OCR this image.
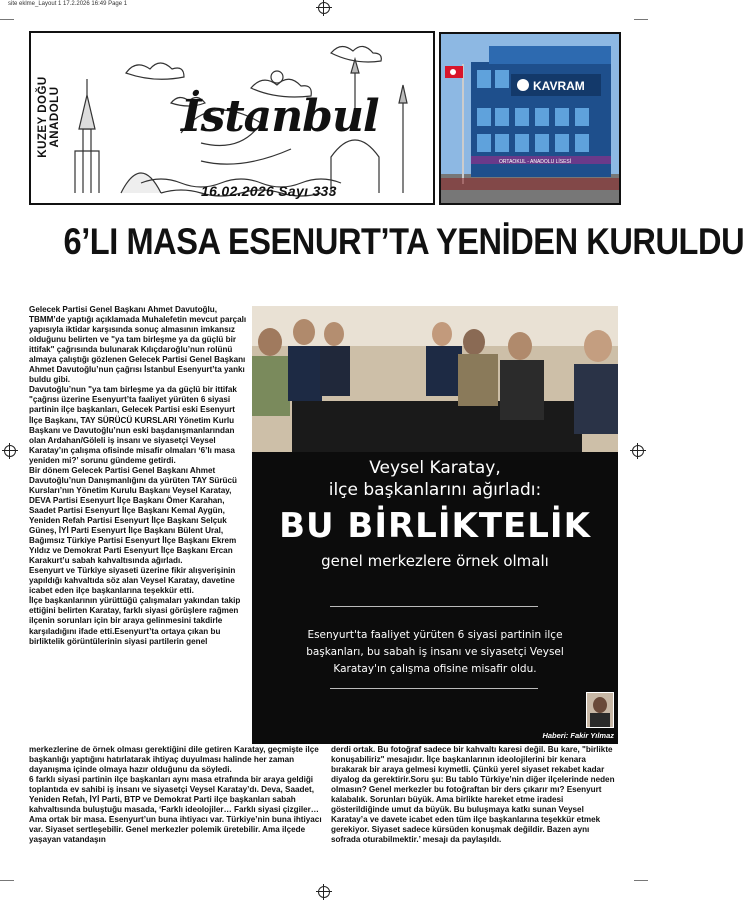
site eklme_Layout 1 17.2.2026 16:49 Page 1
KUZEY DOĞU ANADOLU	İstanbul
16.02.2026 Sayı 333
KAVRAM
ORTAOKUL - ANADOLU LİSESİ
6’LI MASA ESENURT’TA YENİDEN KURULDU

Gelecek Partisi Genel Başkanı Ahmet Davutoğlu, TBMM’de yaptığı açıklamada Muhalefetin mevcut parçalı yapısıyla iktidar karşısında sonuç almasının imkansız olduğunu belirten ve "ya tam birleşme ya da güçlü bir ittifak" çağrısında bulunarak Kılıçdaroğlu’nun rolünü almaya çalıştığı gözlenen Gelecek Partisi Genel Başkanı Ahmet Davutoğlu’nun çağrısı İstanbul Esenyurt’ta yankı buldu gibi.

Davutoğlu’nun "ya tam birleşme ya da güçlü bir ittifak "çağrısı üzerine Esenyurt’ta faaliyet yürüten 6 siyasi partinin ilçe başkanları, Gelecek Partisi eski Esenyurt İlçe Başkanı, TAY SÜRÜCÜ KURSLARI Yönetim Kurlu Başkanı ve Davutoğlu’nun eski başdanışmanlarından olan Ardahan/Göleli iş insanı ve siyasetçi Veysel Karatay’ın çalışma ofisinde misafir olmaları ‘6’lı masa yeniden mi?’ sorunu gündeme getirdi.

Bir dönem Gelecek Partisi Genel Başkanı Ahmet Davutoğlu’nun Danışmanlığını da yürüten TAY Sürücü Kursları’nın Yönetim Kurulu Başkanı Veysel Karatay, DEVA Partisi Esenyurt İlçe Başkanı Ömer Karahan, Saadet Partisi Esenyurt İlçe Başkanı Kemal Aygün, Yeniden Refah Partisi Esenyurt İlçe Başkanı Selçuk Güneş, İYİ Parti Esenyurt İlçe Başkanı Bülent Ural, Bağımsız Türkiye Partisi Esenyurt İlçe Başkanı Ekrem Yıldız ve Demokrat Parti Esenyurt İlçe Başkanı Ercan Karakurt’u sabah kahvaltısında ağırladı.

Esenyurt ve Türkiye siyaseti üzerine fikir alışverişinin yapıldığı kahvaltıda söz alan Veysel Karatay, davetine icabet eden ilçe başkanlarına teşekkür etti.

İlçe başkanlarının yürüttüğü çalışmaları yakından takip ettiğini belirten Karatay, farklı siyasi görüşlere rağmen ilçenin sorunları için bir araya gelinmesini takdirle karşıladığını ifade etti.Esenyurt’ta ortaya çıkan bu birliktelik görüntülerinin siyasi partilerin genel

Veysel Karatay,
ilçe başkanlarını ağırladı:
BU BİRLİKTELİK
genel merkezlere örnek olmalı
Esenyurt'ta faaliyet yürüten 6 siyasi partinin ilçe
başkanları, bu sabah iş insanı ve siyasetçi Veysel
Karatay'ın çalışma ofisine misafir oldu.
Haberi: Fakir Yılmaz

merkezlerine de örnek olması gerektiğini dile getiren Karatay, geçmişte ilçe başkanlığı yaptığını hatırlatarak ihtiyaç duyulması halinde her zaman dayanışma içinde olmaya hazır olduğunu da söyledi.

6 farklı siyasi partinin ilçe başkanları aynı masa etrafında bir araya geldiği toplantıda ev sahibi iş insanı ve siyasetçi Veysel Karatay’dı. Deva, Saadet, Yeniden Refah, İYİ Parti, BTP ve Demokrat Parti ilçe başkanları sabah kahvaltısında buluştuğu masada, ‘Farklı ideolojiler… Farklı siyasi çizgiler… Ama ortak bir masa. Esenyurt’un buna ihtiyacı var. Türkiye’nin buna ihtiyacı var. Siyaset sertleşebilir. Genel merkezler polemik üretebilir. Ama ilçede yaşayan vatandaşın

derdi ortak. Bu fotoğraf sadece bir kahvaltı karesi değil. Bu kare, "birlikte konuşabiliriz" mesajıdır. İlçe başkanlarının ideolojilerini bir kenara bırakarak bir araya gelmesi kıymetli. Çünkü yerel siyaset rekabet kadar diyalog da gerektirir.Soru şu: Bu tablo Türkiye’nin diğer ilçelerinde neden olmasın? Genel merkezler bu fotoğraftan bir ders çıkarır mı? Esenyurt kalabalık. Sorunları büyük. Ama birlikte hareket etme iradesi gösterildiğinde umut da büyük. Bu buluşmaya katkı sunan Veysel Karatay’a ve davete icabet eden tüm ilçe başkanlarına teşekkür etmek gerekiyor. Siyaset sadece kürsüden konuşmak değildir. Bazen aynı sofrada oturabilmektir.’ mesajı da paylaşıldı.
